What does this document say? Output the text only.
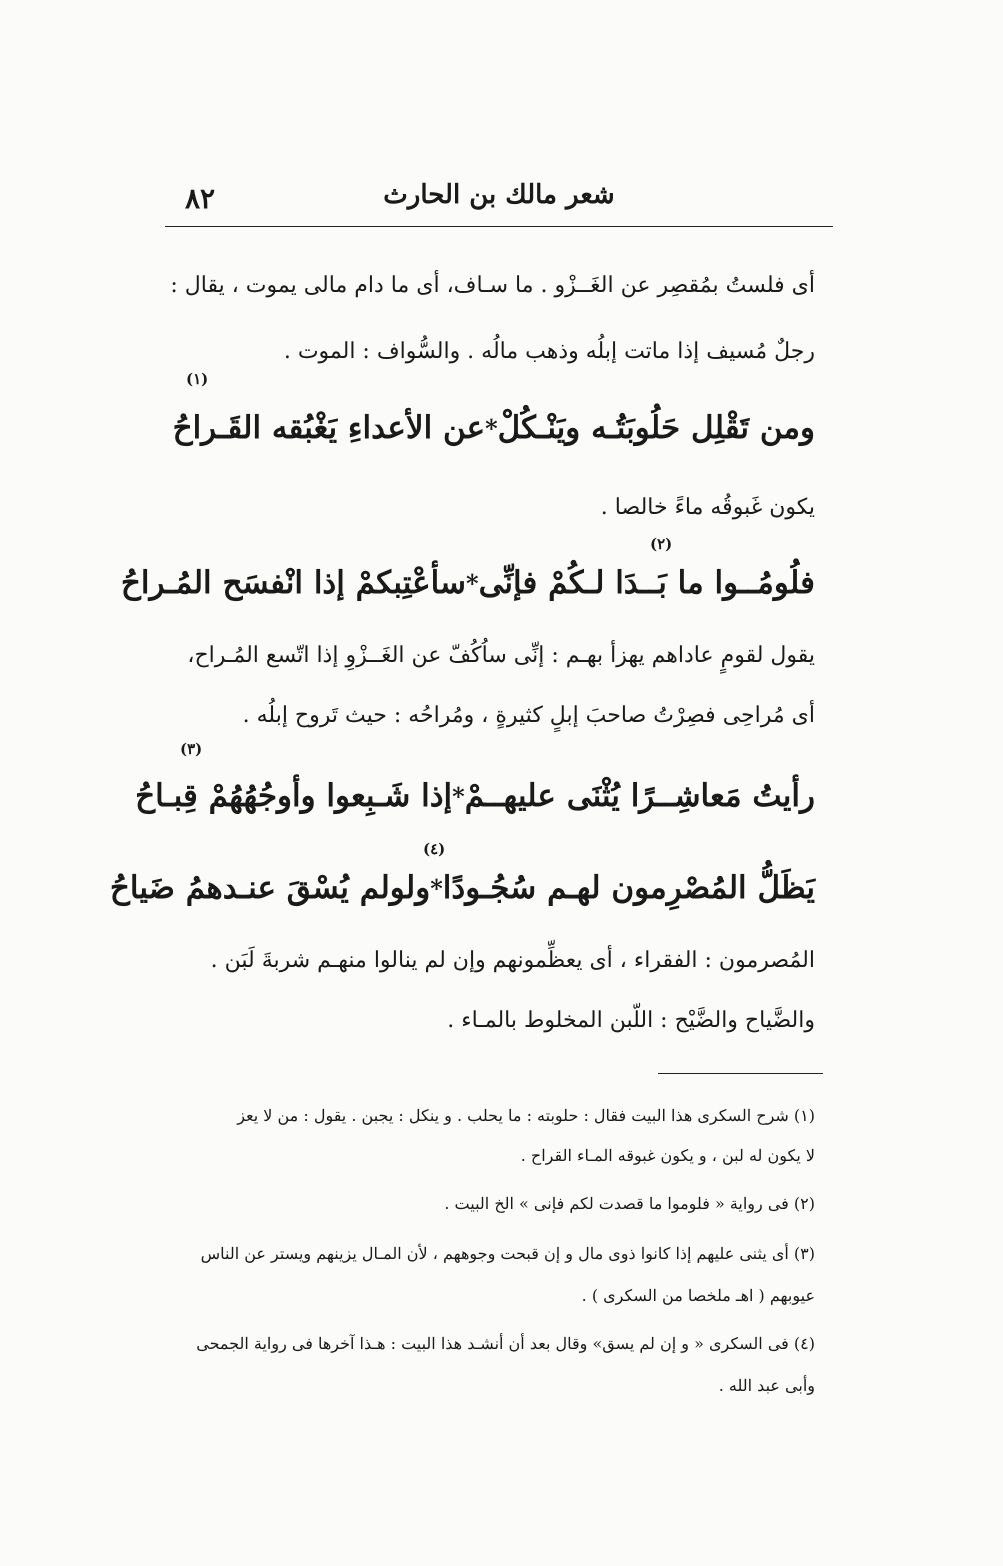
٨٢	شعر مالك بن الحارث
أى فلستُ بمُقصِر عن الغَــزْو . ما سـاف، أى ما دام مالى يموت ، يقال :
رجلٌ مُسيف إذا ماتت إبلُه وذهب مالُه . والسُّواف : الموت .
(١)
ومن تَقْلِل حَلُوبَتُـه ويَنْـكُلْ
*
عن الأعداءِ يَغْبُقه القَـراحُ
يكون غَبوقُه ماءً خالصا .
(٢)
فلُومُــوا ما بَــدَا لـكُمْ فإنِّى
*
سأعْتِبكمْ إذا انْفسَح المُـراحُ
يقول لقومٍ عاداهم يهزأ بهـم : إنِّى ساُكُفّ عن الغَــزْوِ إذا اتّسع المُـراح،
أى مُراحِى فصِرْتُ صاحبَ إبلٍ كثيرةٍ ، ومُراحُه : حيث تَروح إبلُه .
(٣)
رأيتُ مَعاشِــرًا يُثْنَى عليهــمْ
*
إذا شَـبِعوا وأوجُهُهُمْ قِبـاحُ
(٤)
يَظَلُّ المُصْرِمون لهـم سُجُـودًا
*
ولولم يُسْقَ عنـدهمُ ضَياحُ
المُصرمون : الفقراء ، أى يعظِّمونهم وإن لم ينالوا منهـم شربةَ لَبَن .
والضَّياح والضَّيْح : اللّبن المخلوط بالمـاء .
(١) شرح السكرى هذا البيت فقال : حلوبته : ما يحلب . و ينكل : يجبن . يقول : من لا يعز
لا يكون له لبن ، و يكون غبوقه المـاء القراح .
(٢) فى رواية « فلوموا ما قصدت لكم فإنى » الخ البيت .
(٣) أى يثنى عليهم إذا كانوا ذوى مال و إن قبحت وجوههم ، لأن المـال يزينهم ويستر عن الناس
عيوبهم ( اهـ ملخصا من السكرى ) .
(٤) فى السكرى « و إن لم يسق» وقال بعد أن أنشـد هذا البيت : هـذا آخرها فى رواية الجمحى
وأبى عبد الله .
